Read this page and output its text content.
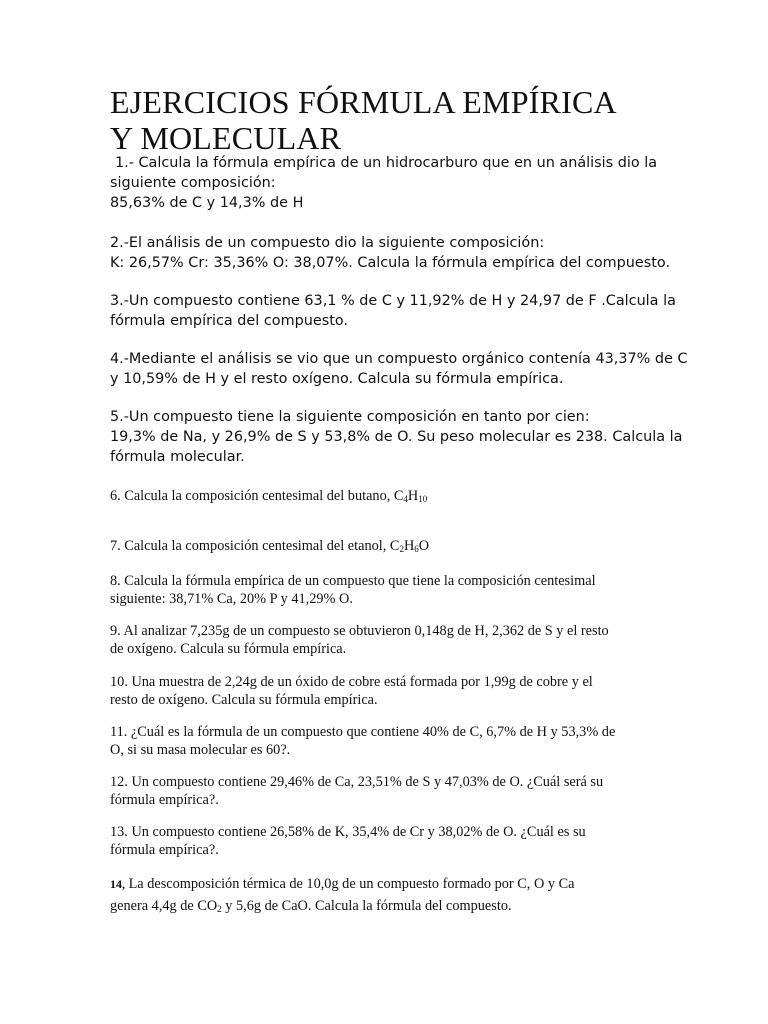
EJERCICIOS FÓRMULA EMPÍRICA
Y MOLECULAR
1.- Calcula la fórmula empírica de un hidrocarburo que en un análisis dio la
siguiente composición:
85,63% de C y 14,3% de H
2.-El análisis de un compuesto dio la siguiente composición:
K: 26,57% Cr: 35,36% O: 38,07%. Calcula la fórmula empírica del compuesto.
3.-Un compuesto contiene 63,1 % de C y 11,92% de H y 24,97 de F .Calcula la
fórmula empírica del compuesto.
4.-Mediante el análisis se vio que un compuesto orgánico contenía 43,37% de C
y 10,59% de H y el resto oxígeno. Calcula su fórmula empírica.
5.-Un compuesto tiene la siguiente composición en tanto por cien:
19,3% de Na, y 26,9% de S y 53,8% de O. Su peso molecular es 238. Calcula la
fórmula molecular.
6. Calcula la composición centesimal del butano, $C_4H_{10}$
7. Calcula la composición centesimal del etanol, $C_2H_6O$
8. Calcula la fórmula empírica de un compuesto que tiene la composición centesimal
siguiente: 38,71% Ca, 20% P y 41,29% O.
9. Al analizar 7,235g de un compuesto se obtuvieron 0,148g de H, 2,362 de S y el resto
de oxígeno. Calcula su fórmula empírica.
10. Una muestra de 2,24g de un óxido de cobre está formada por 1,99g de cobre y el
resto de oxígeno. Calcula su fórmula empírica.
11. ¿Cuál es la fórmula de un compuesto que contiene 40% de C, 6,7% de H y 53,3% de
O, si su masa molecular es 60?.
12. Un compuesto contiene 29,46% de Ca, 23,51% de S y 47,03% de O. ¿Cuál será su
fórmula empírica?.
13. Un compuesto contiene 26,58% de K, 35,4% de Cr y 38,02% de O. ¿Cuál es su
fórmula empírica?.
14, La descomposición térmica de 10,0g de un compuesto formado por C, O y Ca
genera 4,4g de $CO_2$ y 5,6g de CaO. Calcula la fórmula del compuesto.
